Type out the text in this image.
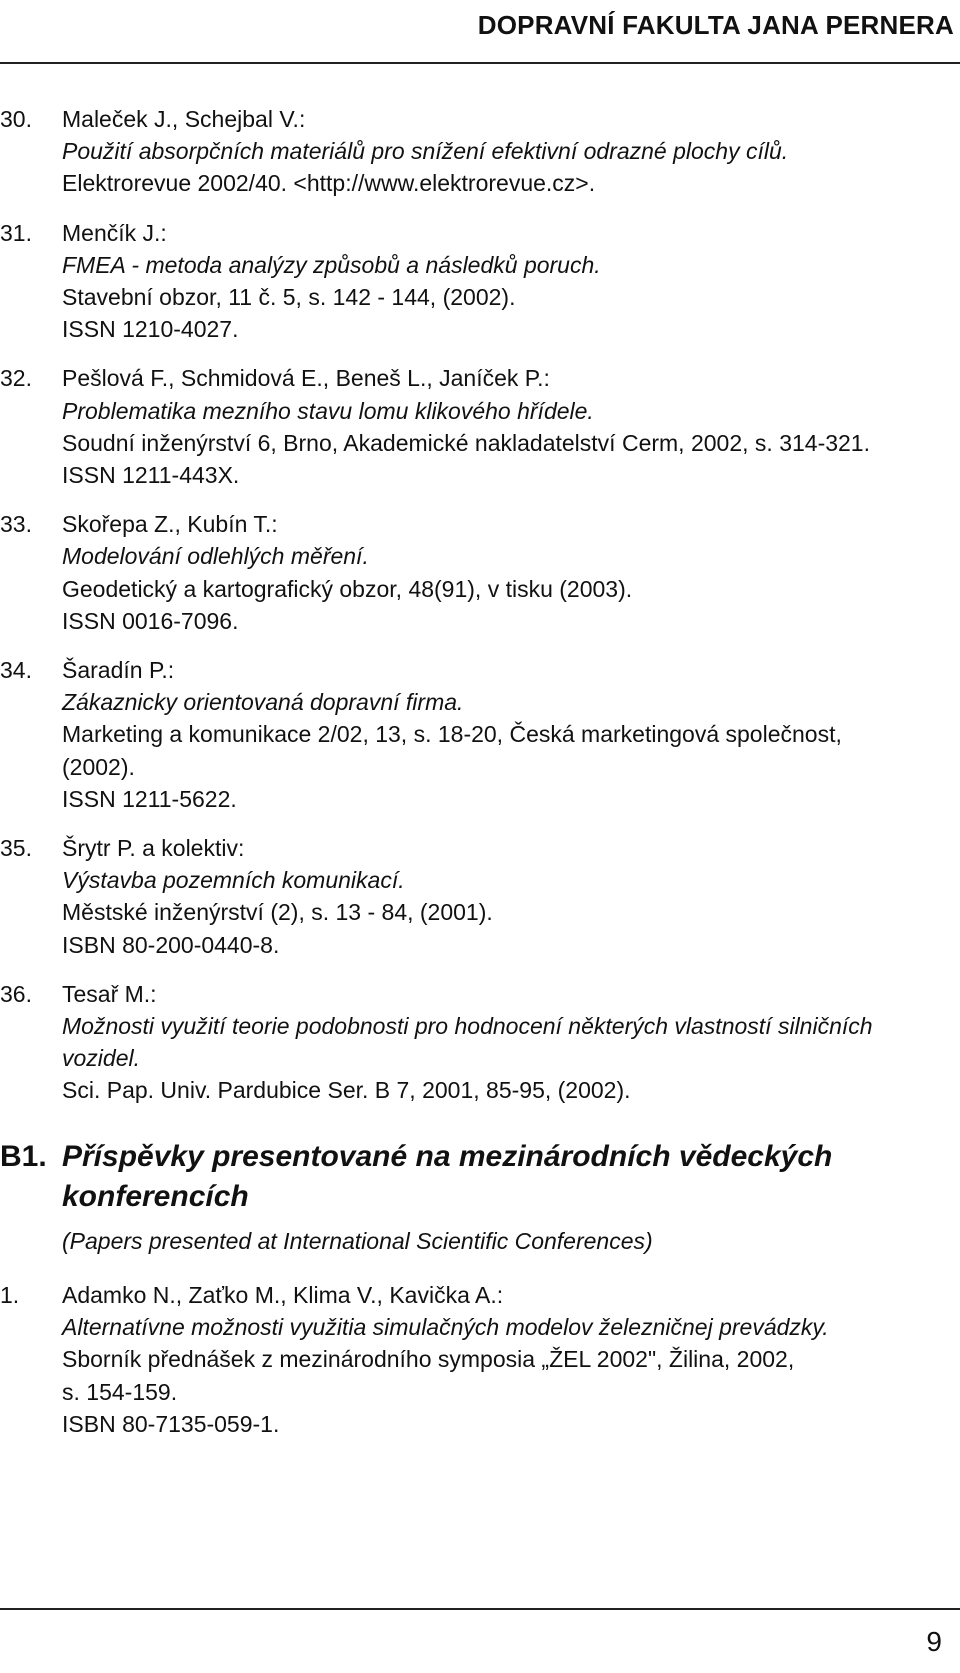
DOPRAVNÍ FAKULTA JANA PERNERA
30. Maleček J., Schejbal V.:
Použití absorpčních materiálů pro snížení efektivní odrazné plochy cílů.
Elektrorevue 2002/40. <http://www.elektrorevue.cz>.
31. Menčík J.:
FMEA - metoda analýzy způsobů a následků poruch.
Stavební obzor, 11 č. 5, s. 142 - 144, (2002).
ISSN 1210-4027.
32. Pešlová F., Schmidová E., Beneš L., Janíček P.:
Problematika mezního stavu lomu klikového hřídele.
Soudní inženýrství 6, Brno, Akademické nakladatelství Cerm, 2002, s. 314-321.
ISSN 1211-443X.
33. Skořepa Z., Kubín T.:
Modelování odlehlých měření.
Geodetický a kartografický obzor, 48(91), v tisku (2003).
ISSN 0016-7096.
34. Šaradín P.:
Zákaznicky orientovaná dopravní firma.
Marketing a komunikace 2/02, 13, s. 18-20, Česká marketingová společnost,
(2002).
ISSN 1211-5622.
35. Šrytr P. a kolektiv:
Výstavba pozemních komunikací.
Městské inženýrství (2), s. 13 - 84, (2001).
ISBN 80-200-0440-8.
36. Tesař M.:
Možnosti využití teorie podobnosti pro hodnocení některých vlastností silničních vozidel.
Sci. Pap. Univ. Pardubice Ser. B 7, 2001, 85-95, (2002).
B1. Příspěvky presentované na mezinárodních vědeckých konferencích
(Papers presented at International Scientific Conferences)
1. Adamko N., Zaťko M., Klima V., Kavička A.:
Alternatívne možnosti využitia simulačných modelov železničnej prevádzky.
Sborník přednášek z mezinárodního symposia „ŽEL 2002", Žilina, 2002,
s. 154-159.
ISBN 80-7135-059-1.
9
